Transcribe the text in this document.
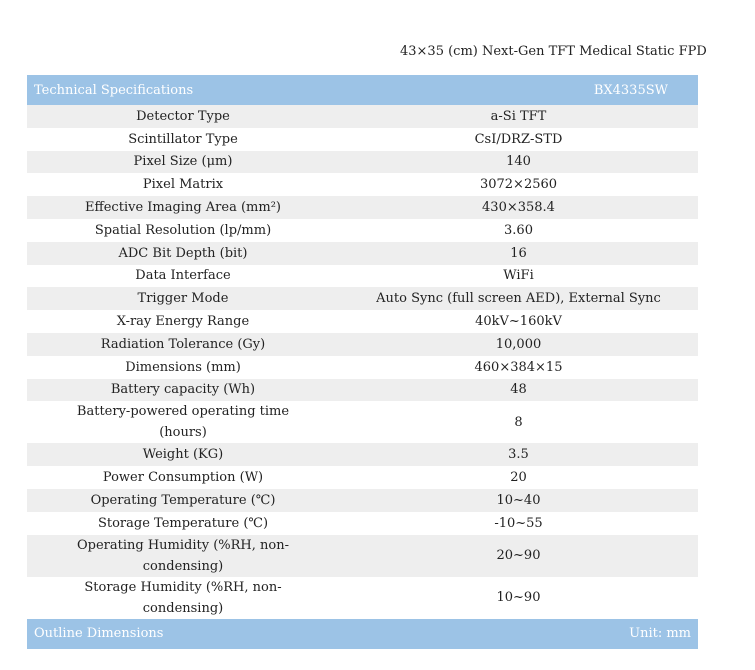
43×35 (cm) Next-Gen TFT Medical Static FPD
Technical Specifications	BX4335SW
Detector Type	a-Si TFT
Scintillator Type	CsI/DRZ-STD
Pixel Size (μm)	140
Pixel Matrix	3072×2560
Effective Imaging Area (mm²)	430×358.4
Spatial Resolution (lp/mm)	3.60
ADC Bit Depth (bit)	16
Data Interface	WiFi
Trigger Mode	Auto Sync (full screen AED), External Sync
X-ray Energy Range	40kV~160kV
Radiation Tolerance (Gy)	10,000
Dimensions (mm)	460×384×15
Battery capacity (Wh)	48
Battery-powered operating time (hours)	8
Weight (KG)	3.5
Power Consumption (W)	20
Operating Temperature (℃)	10~40
Storage Temperature (℃)	-10~55
Operating Humidity (%RH, non-condensing)	20~90
Storage Humidity (%RH, non-condensing)	10~90
Outline Dimensions	Unit: mm
